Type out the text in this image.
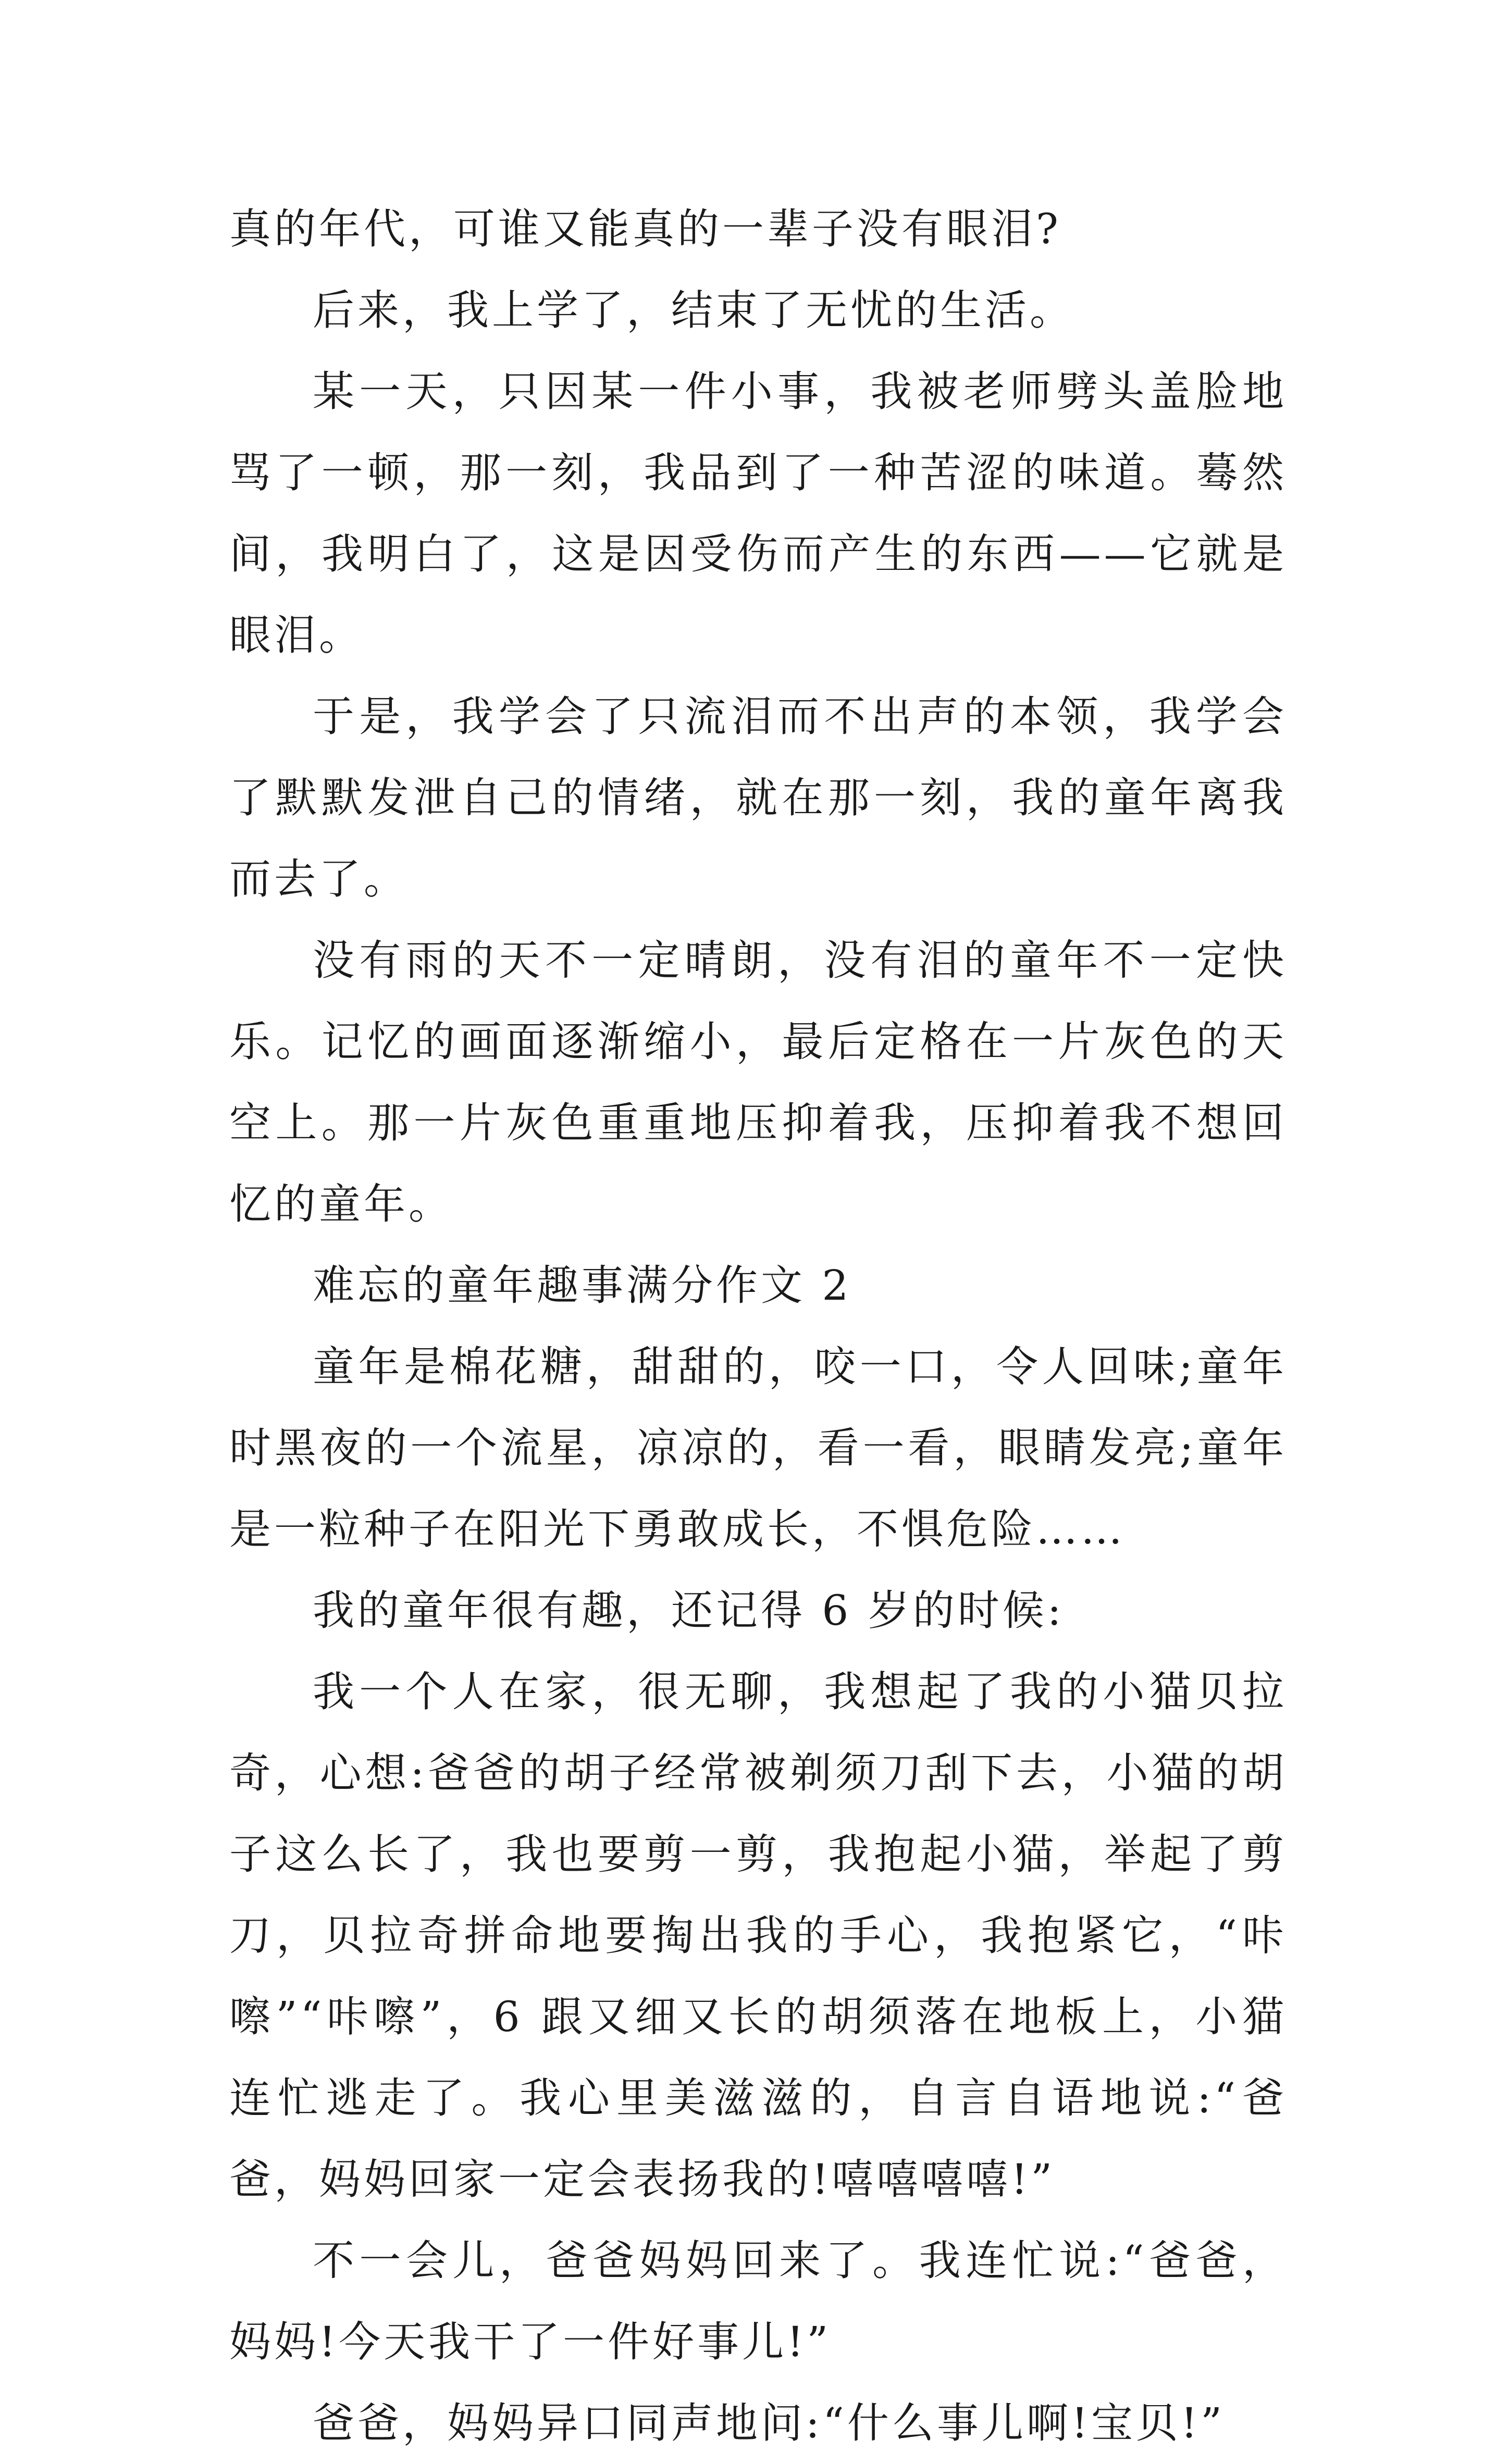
真的年代，可谁又能真的一辈子没有眼泪?

后来，我上学了，结束了无忧的生活。

某一天，只因某一件小事，我被老师劈头盖脸地骂了一顿，那一刻，我品到了一种苦涩的味道。蓦然间，我明白了，这是因受伤而产生的东西——它就是眼泪。

于是，我学会了只流泪而不出声的本领，我学会了默默发泄自己的情绪，就在那一刻，我的童年离我而去了。

没有雨的天不一定晴朗，没有泪的童年不一定快乐。记忆的画面逐渐缩小，最后定格在一片灰色的天空上。那一片灰色重重地压抑着我，压抑着我不想回忆的童年。

难忘的童年趣事满分作文 2

童年是棉花糖，甜甜的，咬一口，令人回味;童年时黑夜的一个流星，凉凉的，看一看，眼睛发亮;童年是一粒种子在阳光下勇敢成长，不惧危险……

我的童年很有趣，还记得 6 岁的时候:

我一个人在家，很无聊，我想起了我的小猫贝拉奇，心想:爸爸的胡子经常被剃须刀刮下去，小猫的胡子这么长了，我也要剪一剪，我抱起小猫，举起了剪刀，贝拉奇拼命地要掏出我的手心，我抱紧它，“咔嚓”“咔嚓”，6 跟又细又长的胡须落在地板上，小猫连忙逃走了。我心里美滋滋的，自言自语地说:“爸爸，妈妈回家一定会表扬我的!嘻嘻嘻嘻!”

不一会儿，爸爸妈妈回来了。我连忙说:“爸爸，妈妈!今天我干了一件好事儿!”

爸爸，妈妈异口同声地问:“什么事儿啊!宝贝!”
